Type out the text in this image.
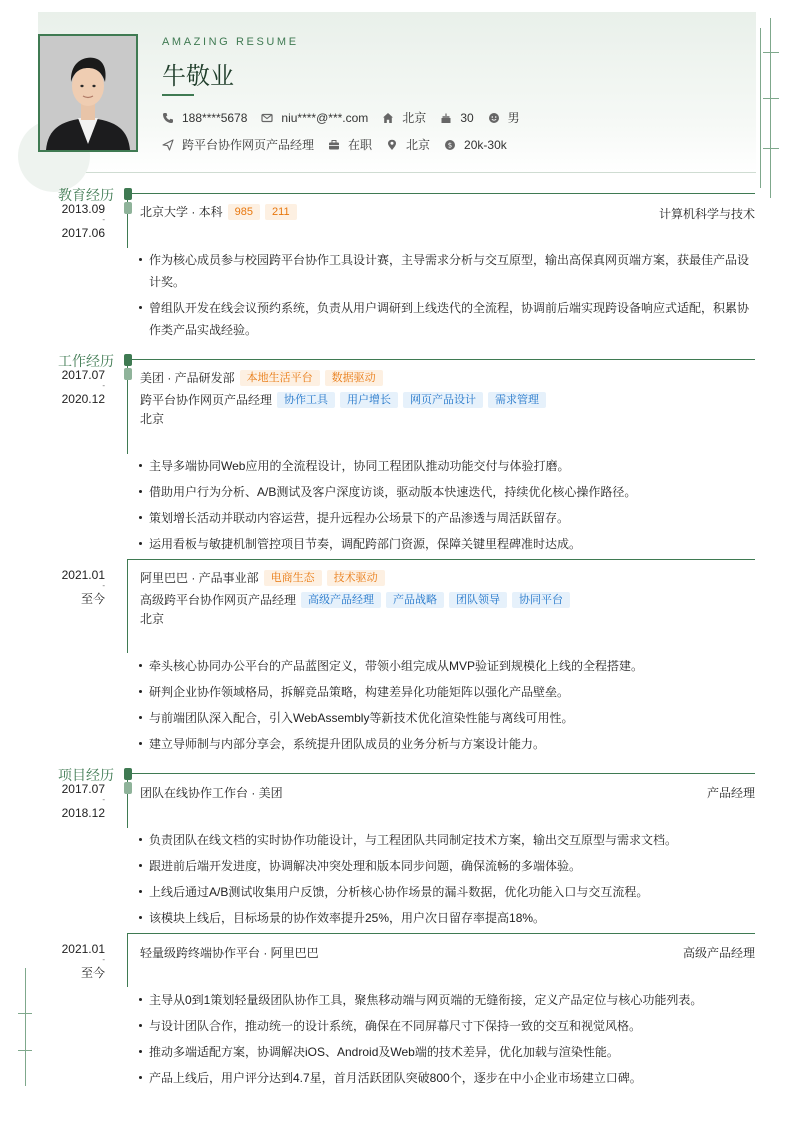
AMAZING RESUME
牛敬业
188****5678	niu****@***.com	北京	30	男
跨平台协作网页产品经理	在职	北京	$ 20k-30k
教育经历
2013.09
-
2017.06
北京大学 · 本科	985	211	计算机科学与技术
作为核心成员参与校园跨平台协作工具设计赛，主导需求分析与交互原型，输出高保真网页端方案，获最佳产品设计奖。
曾组队开发在线会议预约系统，负责从用户调研到上线迭代的全流程，协调前后端实现跨设备响应式适配，积累协作类产品实战经验。
工作经历
2017.07
-
2020.12
美团 · 产品研发部	本地生活平台	数据驱动
跨平台协作网页产品经理	协作工具	用户增长	网页产品设计	需求管理
北京
主导多端协同Web应用的全流程设计，协同工程团队推动功能交付与体验打磨。
借助用户行为分析、A/B测试及客户深度访谈，驱动版本快速迭代，持续优化核心操作路径。
策划增长活动并联动内容运营，提升远程办公场景下的产品渗透与周活跃留存。
运用看板与敏捷机制管控项目节奏，调配跨部门资源，保障关键里程碑准时达成。
2021.01
-
至今
阿里巴巴 · 产品事业部	电商生态	技术驱动
高级跨平台协作网页产品经理	高级产品经理	产品战略	团队领导	协同平台
北京
牵头核心协同办公平台的产品蓝图定义，带领小组完成从MVP验证到规模化上线的全程搭建。
研判企业协作领域格局，拆解竞品策略，构建差异化功能矩阵以强化产品壁垒。
与前端团队深入配合，引入WebAssembly等新技术优化渲染性能与离线可用性。
建立导师制与内部分享会，系统提升团队成员的业务分析与方案设计能力。
项目经历
2017.07
-
2018.12
团队在线协作工作台 · 美团	产品经理
负责团队在线文档的实时协作功能设计，与工程团队共同制定技术方案，输出交互原型与需求文档。
跟进前后端开发进度，协调解决冲突处理和版本同步问题，确保流畅的多端体验。
上线后通过A/B测试收集用户反馈，分析核心协作场景的漏斗数据，优化功能入口与交互流程。
该模块上线后，目标场景的协作效率提升25%，用户次日留存率提高18%。
2021.01
-
至今
轻量级跨终端协作平台 · 阿里巴巴	高级产品经理
主导从0到1策划轻量级团队协作工具，聚焦移动端与网页端的无缝衔接，定义产品定位与核心功能列表。
与设计团队合作，推动统一的设计系统，确保在不同屏幕尺寸下保持一致的交互和视觉风格。
推动多端适配方案，协调解决iOS、Android及Web端的技术差异，优化加载与渲染性能。
产品上线后，用户评分达到4.7星，首月活跃团队突破800个，逐步在中小企业市场建立口碑。
